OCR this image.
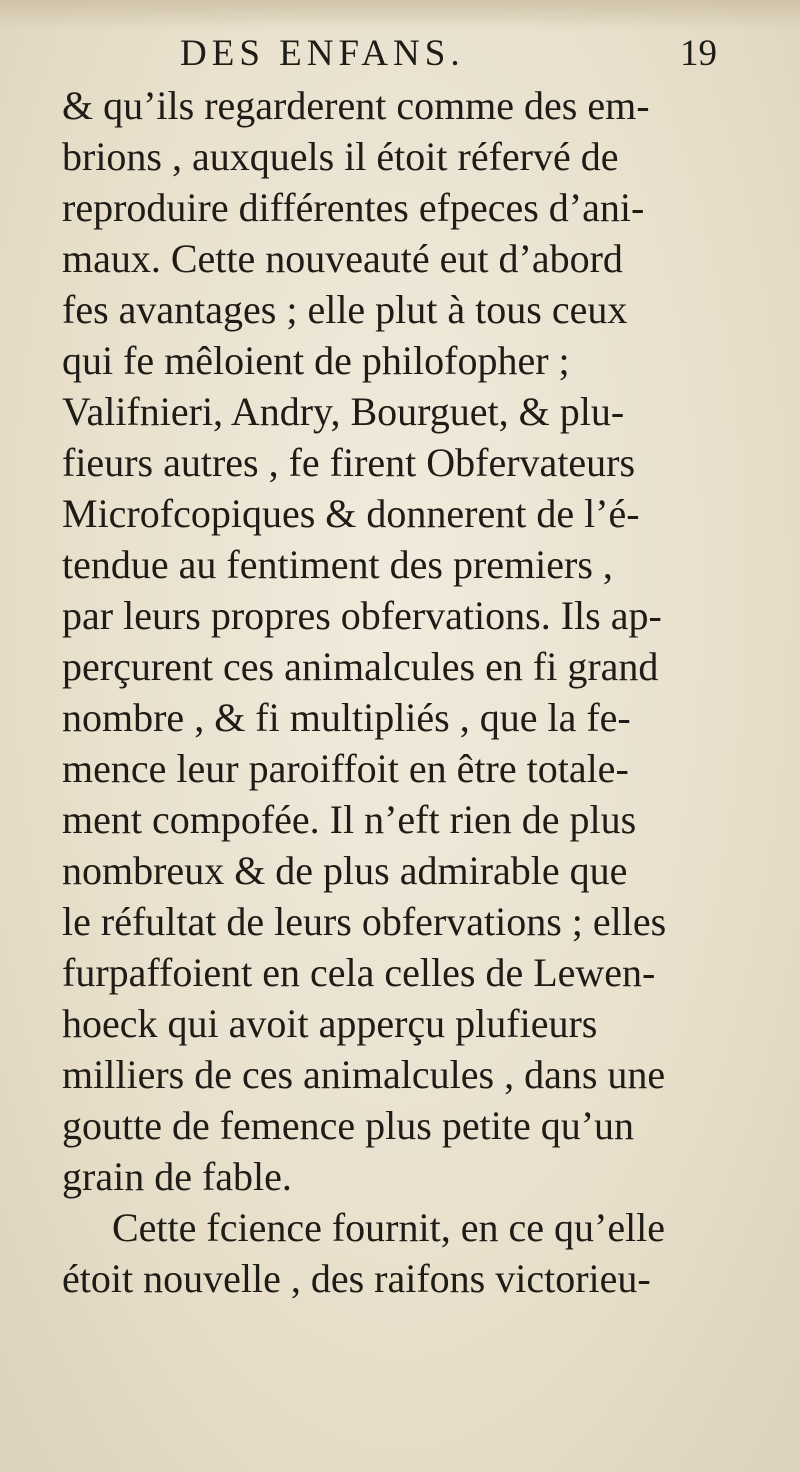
DES ENFANS.	19
& qu’ils regarderent comme des em-
brions , auxquels il étoit réfervé de
reproduire différentes efpeces d’ani-
maux. Cette nouveauté eut d’abord
fes avantages ; elle plut à tous ceux
qui fe mêloient de philofopher ;
Valifnieri, Andry, Bourguet, & plu-
fieurs autres , fe firent Obfervateurs
Microfcopiques & donnerent de l’é-
tendue au fentiment des premiers ,
par leurs propres obfervations. Ils ap-
perçurent ces animalcules en fi grand
nombre , & fi multipliés , que la fe-
mence leur paroiffoit en être totale-
ment compofée. Il n’eft rien de plus
nombreux & de plus admirable que
le réfultat de leurs obfervations ; elles
furpaffoient en cela celles de Lewen-
hoeck qui avoit apperçu plufieurs
milliers de ces animalcules , dans une
goutte de femence plus petite qu’un
grain de fable.
Cette fcience fournit, en ce qu’elle
étoit nouvelle , des raifons victorieu-
